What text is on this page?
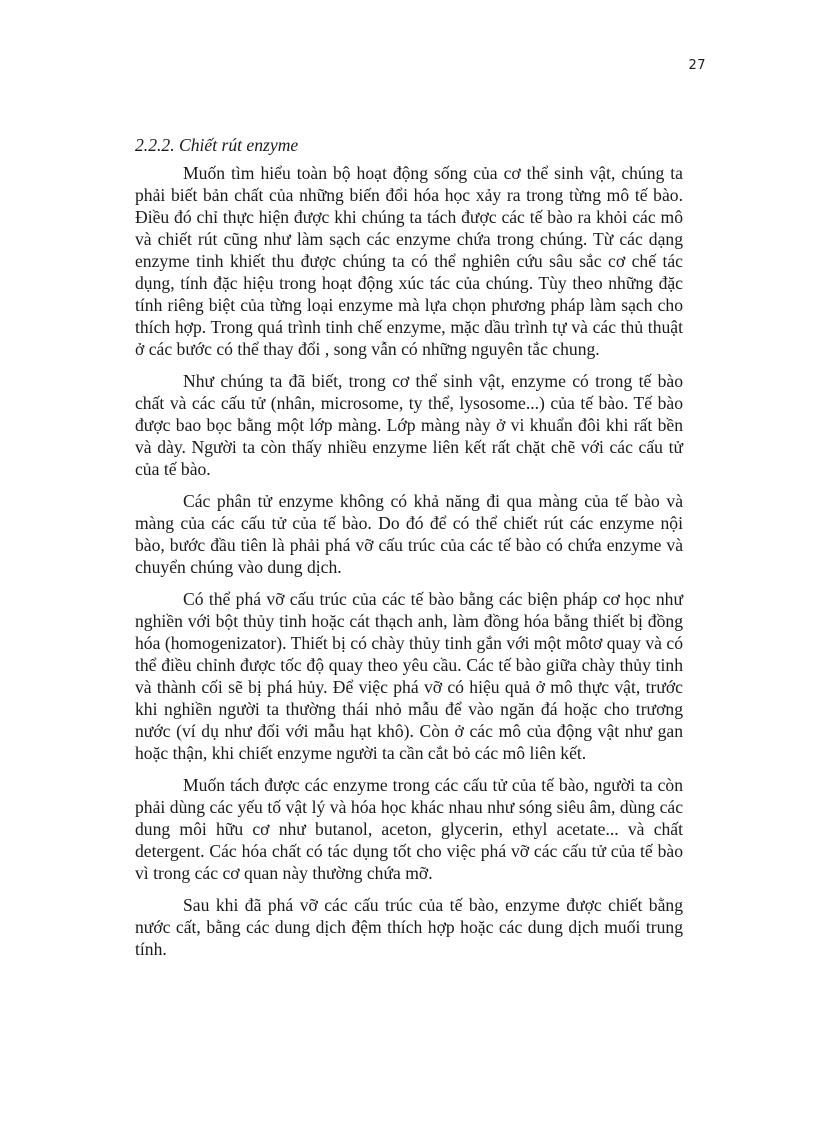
27
2.2.2. Chiết rút enzyme

Muốn tìm hiểu toàn bộ hoạt động sống của cơ thể sinh vật, chúng ta phải biết bản chất của những biến đổi hóa học xảy ra trong từng mô tế bào. Điều đó chỉ thực hiện được khi chúng ta tách được các tế bào ra khỏi các mô và chiết rút cũng như làm sạch các enzyme chứa trong chúng. Từ các dạng enzyme tinh khiết thu được chúng ta có thể nghiên cứu sâu sắc cơ chế tác dụng, tính đặc hiệu trong hoạt động xúc tác của chúng. Tùy theo những đặc tính riêng biệt của từng loại enzyme mà lựa chọn phương pháp làm sạch cho thích hợp. Trong quá trình tinh chế enzyme, mặc dầu trình tự và các thủ thuật ở các bước có thể thay đổi , song vẫn có những nguyên tắc chung.

Như chúng ta đã biết, trong cơ thể sinh vật, enzyme có trong tế bào chất và các cấu tử (nhân, microsome, ty thể, lysosome...) của tế bào. Tế bào được bao bọc bằng một lớp màng. Lớp màng này ở vi khuẩn đôi khi rất bền và dày. Người ta còn thấy nhiều enzyme liên kết rất chặt chẽ với các cấu tử của tế bào.

Các phân tử enzyme không có khả năng đi qua màng của tế bào và màng của các cấu tử của tế bào. Do đó để có thể chiết rút các enzyme nội bào, bước đầu tiên là phải phá vỡ cấu trúc của các tế bào có chứa enzyme và chuyển chúng vào dung dịch.

Có thể phá vỡ cấu trúc của các tế bào bằng các biện pháp cơ học như nghiền với bột thủy tinh hoặc cát thạch anh, làm đồng hóa bằng thiết bị đồng hóa (homogenizator). Thiết bị có chày thủy tinh gắn với một môtơ quay và có thể điều chỉnh được tốc độ quay theo yêu cầu. Các tế bào giữa chày thủy tinh và thành cối sẽ bị phá hủy. Để việc phá vỡ có hiệu quả ở mô thực vật, trước khi nghiền người ta thường thái nhỏ mẫu để vào ngăn đá hoặc cho trương nước (ví dụ như đối với mẫu hạt khô). Còn ở các mô của động vật như gan hoặc thận, khi chiết enzyme người ta cần cắt bỏ các mô liên kết.

Muốn tách được các enzyme trong các cấu tử của tế bào, người ta còn phải dùng các yếu tố vật lý và hóa học khác nhau như sóng siêu âm, dùng các dung môi hữu cơ như butanol, aceton, glycerin, ethyl acetate... và chất detergent. Các hóa chất có tác dụng tốt cho việc phá vỡ các cấu tử của tế bào vì trong các cơ quan này thường chứa mỡ.

Sau khi đã phá vỡ các cấu trúc của tế bào, enzyme được chiết bằng nước cất, bằng các dung dịch đệm thích hợp hoặc các dung dịch muối trung tính.
